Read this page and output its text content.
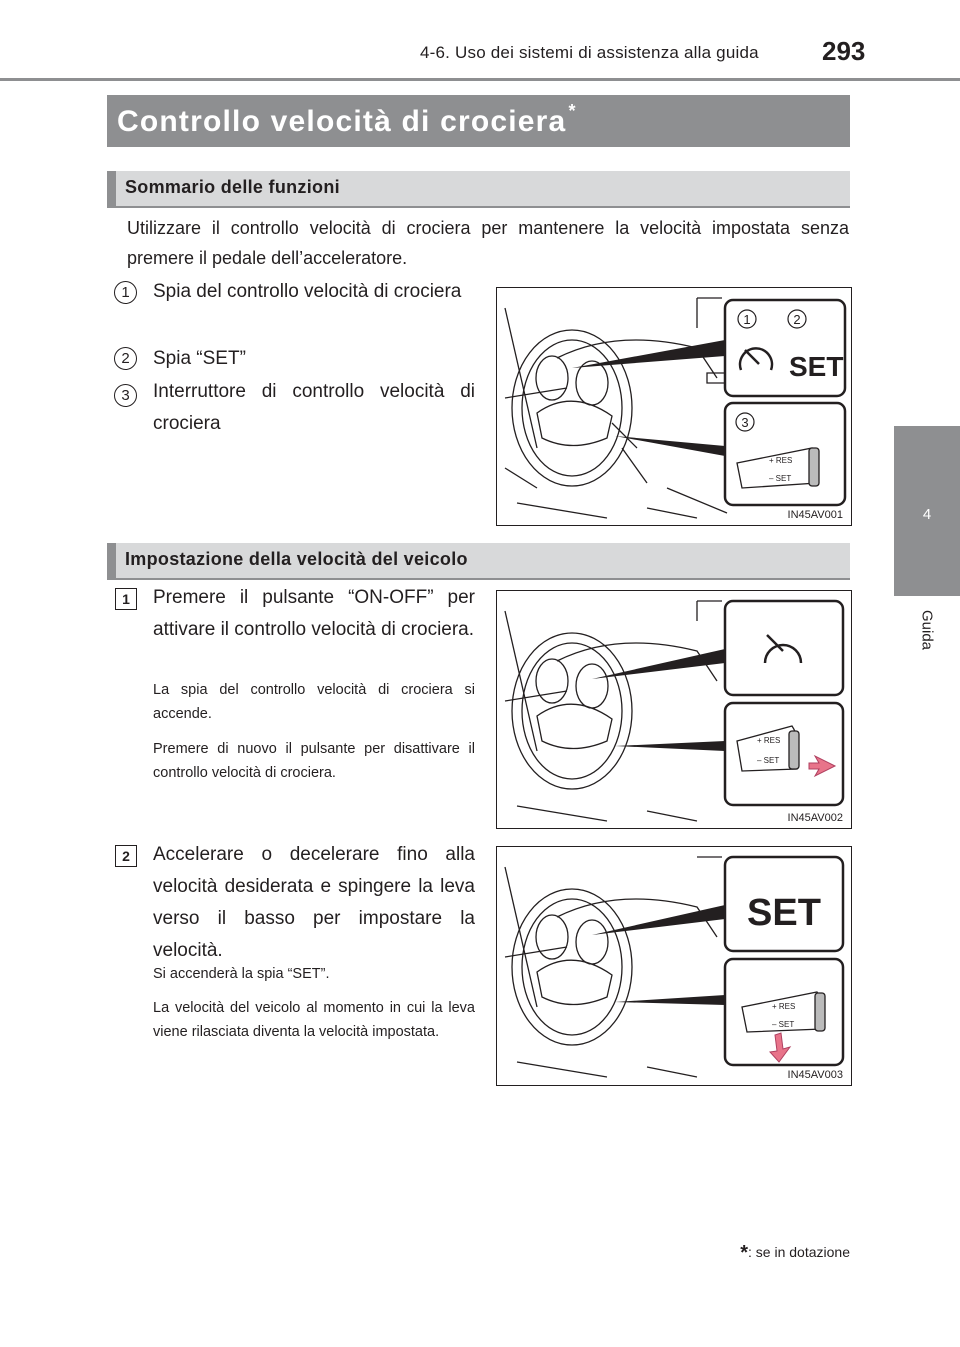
4-6. Uso dei sistemi di assistenza alla guida 293
4
Guida
Controllo velocità di crociera *
Sommario delle funzioni
Utilizzare il controllo velocità di crociera per mantenere la velocità impostata senza premere il pedale dell’acceleratore.
1	Spia del controllo velocità di crociera
2	Spia “SET”
3	Interruttore di controllo velocità di crociera
1	2
SET
3
+ RES
– SET
IN45AV001
Impostazione della velocità del veicolo
1	Premere il pulsante “ON-OFF” per attivare il controllo velocità di crociera.
La spia del controllo velocità di crociera si accende.
Premere di nuovo il pulsante per disattivare il controllo velocità di crociera.
+ RES
– SET
IN45AV002
2	Accelerare o decelerare fino alla velocità desiderata e spingere la leva verso il basso per impostare la velocità.
Si accenderà la spia “SET”.
La velocità del veicolo al momento in cui la leva viene rilasciata diventa la velocità impostata.
SET
+ RES
– SET
IN45AV003
*: se in dotazione
